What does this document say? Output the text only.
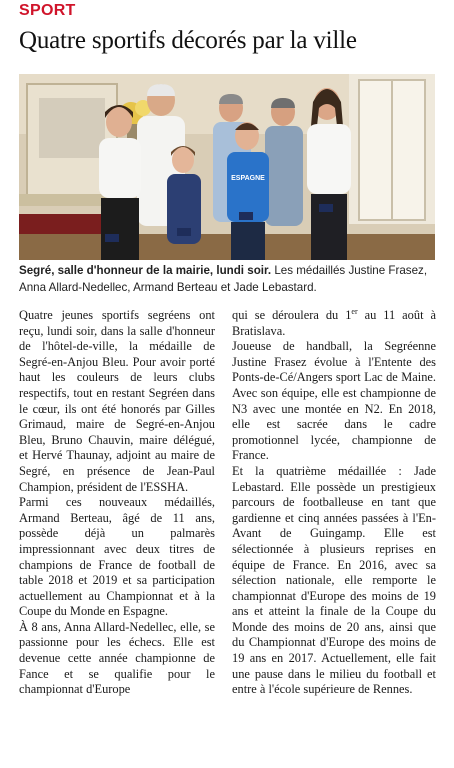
SPORT
Quatre sportifs décorés par la ville
ESPAGNE
Segré, salle d'honneur de la mairie, lundi soir. Les médaillés Justine Frasez, Anna Allard-Nedellec, Armand Berteau et Jade Lebastard.

Quatre jeunes sportifs segréens ont reçu, lundi soir, dans la salle d'honneur de l'hôtel-de-ville, la médaille de Segré-en-Anjou Bleu. Pour avoir porté haut les couleurs de leurs clubs respectifs, tout en restant Segréen dans le cœur, ils ont été honorés par Gilles Grimaud, maire de Segré-en-Anjou Bleu, Bruno Chauvin, maire délégué, et Hervé Thaunay, adjoint au maire de Segré, en présence de Jean-Paul Champion, président de l'ESSHA.

Parmi ces nouveaux médaillés, Armand Berteau, âgé de 11 ans, possède déjà un palmarès impressionnant avec deux titres de champions de France de football de table 2018 et 2019 et sa participation actuellement au Championnat et à la Coupe du Monde en Espagne.

À 8 ans, Anna Allard-Nedellec, elle, se passionne pour les échecs. Elle est devenue cette année championne de Fance et se qualifie pour le championnat d'Europe

qui se déroulera du 1er au 11 août à Bratislava.

Joueuse de handball, la Segréenne Justine Frasez évolue à l'Entente des Ponts-de-Cé/Angers sport Lac de Maine. Avec son équipe, elle est championne de N3 avec une montée en N2. En 2018, elle est sacrée dans le cadre promotionnel lycée, championne de France.

Et la quatrième médaillée : Jade Lebastard. Elle possède un prestigieux parcours de footballeuse en tant que gardienne et cinq années passées à l'En-Avant de Guingamp. Elle est sélectionnée à plusieurs reprises en équipe de France. En 2016, avec sa sélection nationale, elle remporte le championnat d'Europe des moins de 19 ans et atteint la finale de la Coupe du Monde des moins de 20 ans, ainsi que du Championnat d'Europe des moins de 19 ans en 2017. Actuellement, elle fait une pause dans le milieu du football et entre à l'école supérieure de Rennes.
